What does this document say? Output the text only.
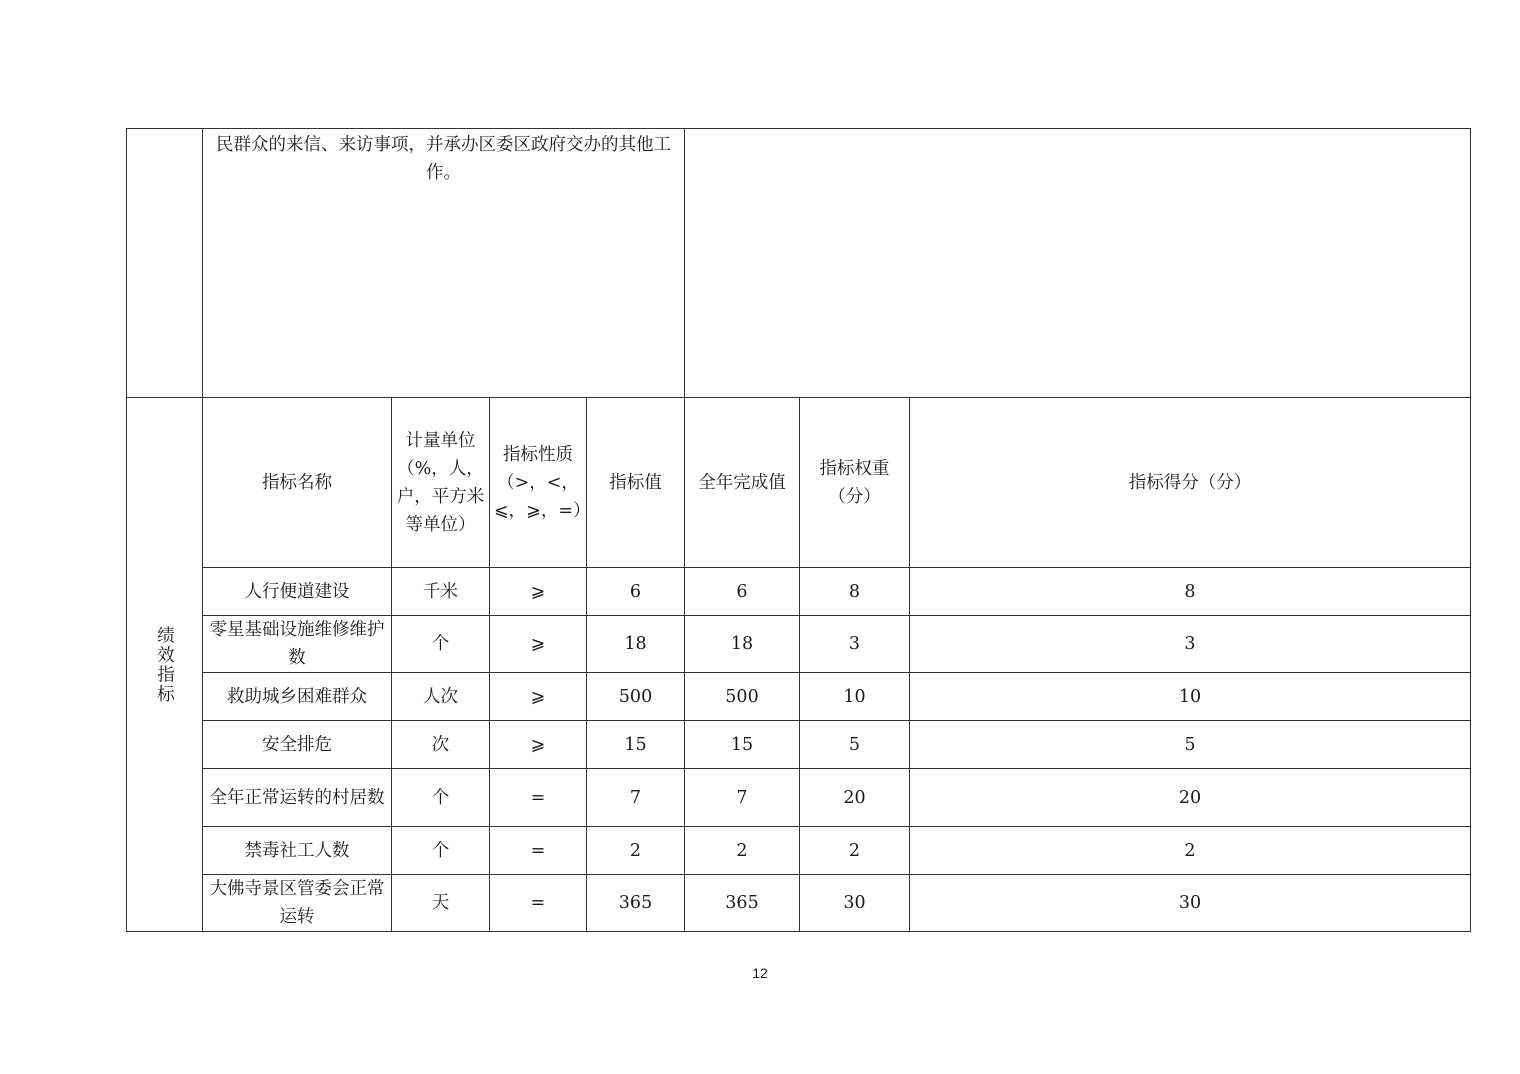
	民群众的来信、来访事项，并承办区委区政府交办的其他工作。						
绩效指标	指标名称	计量单位（%，人，户，平方米等单位）	指标性质（>，<，⩽，⩾，=）	指标值	全年完成值	指标权重（分）	指标得分（分）
	人行便道建设	千米	⩾	6	6	8	8
	零星基础设施维修维护数	个	⩾	18	18	3	3
	救助城乡困难群众	人次	⩾	500	500	10	10
	安全排危	次	⩾	15	15	5	5
	全年正常运转的村居数	个	=	7	7	20	20
	禁毒社工人数	个	=	2	2	2	2
	大佛寺景区管委会正常运转	天	=	365	365	30	30
12
